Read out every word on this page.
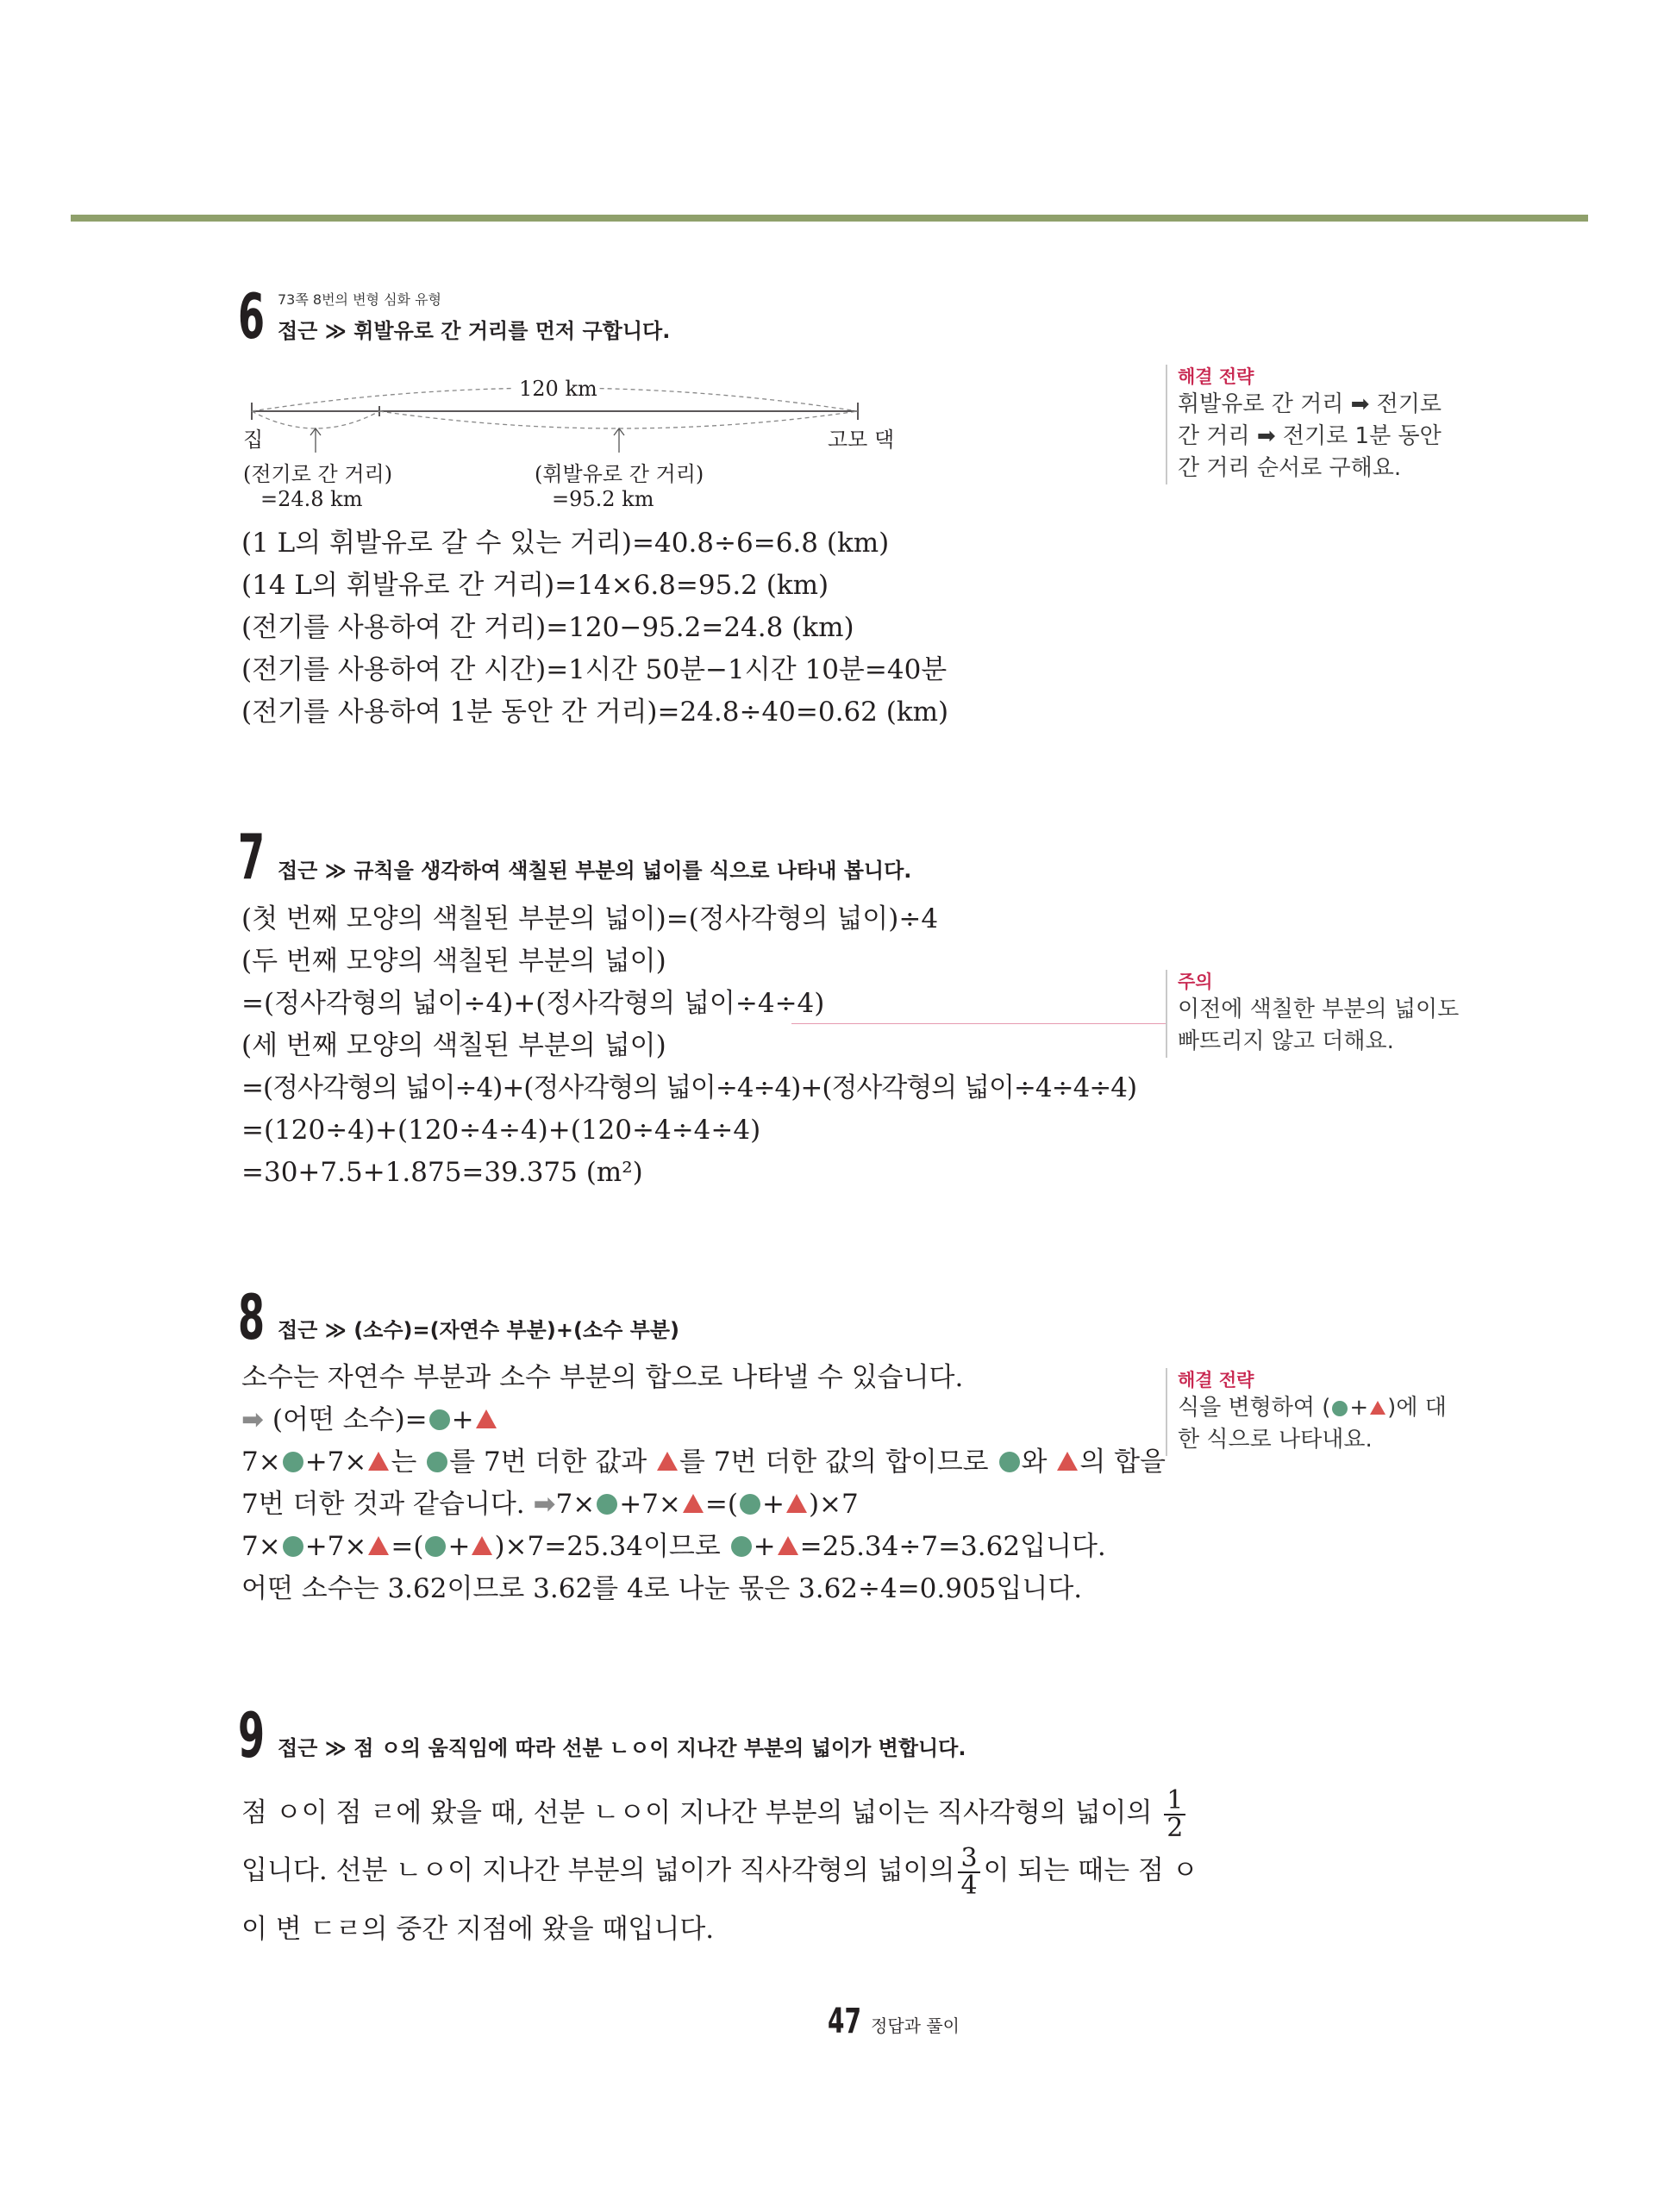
6 73쪽 8번의 변형 심화 유형
접근 ≫ 휘발유로 간 거리를 먼저 구합니다.
120 km
집	고모 댁
(전기로 간 거리)
=24.8 km
(휘발유로 간 거리)
=95.2 km
(1 L의 휘발유로 갈 수 있는 거리)=40.8÷6=6.8 (km)
(14 L의 휘발유로 간 거리)=14×6.8=95.2 (km)
(전기를 사용하여 간 거리)=120−95.2=24.8 (km)
(전기를 사용하여 간 시간)=1시간 50분−1시간 10분=40분
(전기를 사용하여 1분 동안 간 거리)=24.8÷40=0.62 (km)
해결 전략
휘발유로 간 거리 ➡ 전기로
간 거리 ➡ 전기로 1분 동안
간 거리 순서로 구해요.
7 접근 ≫ 규칙을 생각하여 색칠된 부분의 넓이를 식으로 나타내 봅니다.
(첫 번째 모양의 색칠된 부분의 넓이)=(정사각형의 넓이)÷4
(두 번째 모양의 색칠된 부분의 넓이)
=(정사각형의 넓이÷4)+(정사각형의 넓이÷4÷4)
(세 번째 모양의 색칠된 부분의 넓이)
=(정사각형의 넓이÷4)+(정사각형의 넓이÷4÷4)+(정사각형의 넓이÷4÷4÷4)
=(120÷4)+(120÷4÷4)+(120÷4÷4÷4)
=30+7.5+1.875=39.375 (m²)
주의
이전에 색칠한 부분의 넓이도
빠뜨리지 않고 더해요.
8 접근 ≫ (소수)=(자연수 부분)+(소수 부분)
소수는 자연수 부분과 소수 부분의 합으로 나타낼 수 있습니다.
➡ (어떤 소수)= +
7× +7× 는 를 7번 더한 값과 를 7번 더한 값의 합이므로 와 의 합을
7번 더한 것과 같습니다. ➡7× +7× =( + )×7
7× +7× =( + )×7=25.34이므로 + =25.34÷7=3.62입니다.
어떤 소수는 3.62이므로 3.62를 4로 나눈 몫은 3.62÷4=0.905입니다.
해결 전략
식을 변형하여 ( + )에 대
한 식으로 나타내요.
9 접근 ≫ 점 ㅇ의 움직임에 따라 선분 ㄴㅇ이 지나간 부분의 넓이가 변합니다.
점 ㅇ이 점 ㄹ에 왔을 때, 선분 ㄴㅇ이 지나간 부분의 넓이는 직사각형의 넓이의 $\frac{1}{2}$
입니다. 선분 ㄴㅇ이 지나간 부분의 넓이가 직사각형의 넓이의 $\frac{3}{4}$ 이 되는 때는 점 ㅇ
이 변 ㄷㄹ의 중간 지점에 왔을 때입니다.
47 정답과 풀이
